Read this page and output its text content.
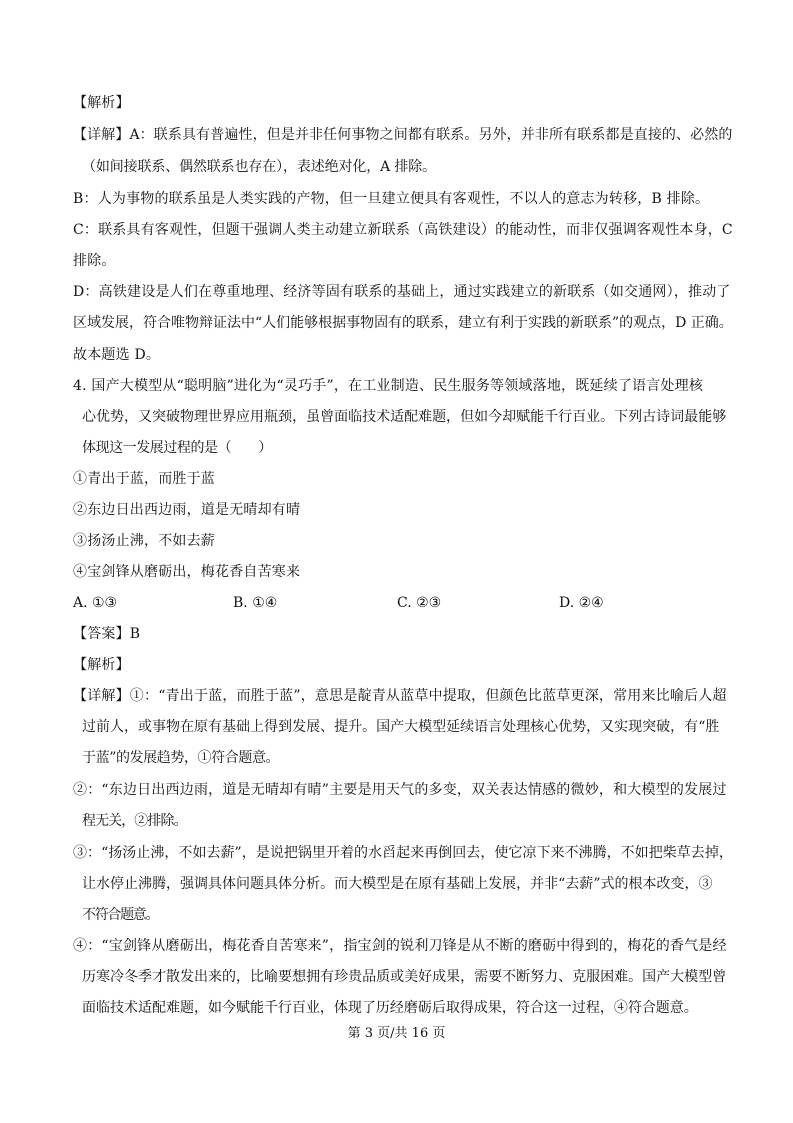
【解析】
【详解】A：联系具有普遍性，但是并非任何事物之间都有联系。另外，并非所有联系都是直接的、必然的
（如间接联系、偶然联系也存在），表述绝对化，A 排除。
B：人为事物的联系虽是人类实践的产物，但一旦建立便具有客观性，不以人的意志为转移，B 排除。
C：联系具有客观性，但题干强调人类主动建立新联系（高铁建设）的能动性，而非仅强调客观性本身，C
排除。
D：高铁建设是人们在尊重地理、经济等固有联系的基础上，通过实践建立的新联系（如交通网），推动了
区域发展，符合唯物辩证法中“人们能够根据事物固有的联系，建立有利于实践的新联系”的观点，D 正确。
故本题选 D。
4. 国产大模型从“聪明脑”进化为“灵巧手”，在工业制造、民生服务等领域落地，既延续了语言处理核
心优势，又突破物理世界应用瓶颈，虽曾面临技术适配难题，但如今却赋能千行百业。下列古诗词最能够
体现这一发展过程的是（　　）
①青出于蓝，而胜于蓝
②东边日出西边雨，道是无晴却有晴
③扬汤止沸，不如去薪
④宝剑锋从磨砺出，梅花香自苦寒来
A. ①③	B. ①④	C. ②③	D. ②④
【答案】B
【解析】
【详解】①：“青出于蓝，而胜于蓝”，意思是靛青从蓝草中提取，但颜色比蓝草更深，常用来比喻后人超
过前人，或事物在原有基础上得到发展、提升。国产大模型延续语言处理核心优势，又实现突破，有“胜
于蓝”的发展趋势，①符合题意。
②：“东边日出西边雨，道是无晴却有晴”主要是用天气的多变，双关表达情感的微妙，和大模型的发展过
程无关，②排除。
③：“扬汤止沸，不如去薪”，是说把锅里开着的水舀起来再倒回去，使它凉下来不沸腾，不如把柴草去掉，
让水停止沸腾，强调具体问题具体分析。而大模型是在原有基础上发展，并非“去薪”式的根本改变，③
不符合题意。
④：“宝剑锋从磨砺出，梅花香自苦寒来”，指宝剑的锐利刀锋是从不断的磨砺中得到的，梅花的香气是经
历寒冷冬季才散发出来的，比喻要想拥有珍贵品质或美好成果，需要不断努力、克服困难。国产大模型曾
面临技术适配难题，如今赋能千行百业，体现了历经磨砺后取得成果，符合这一过程，④符合题意。
第 3 页/共 16 页
